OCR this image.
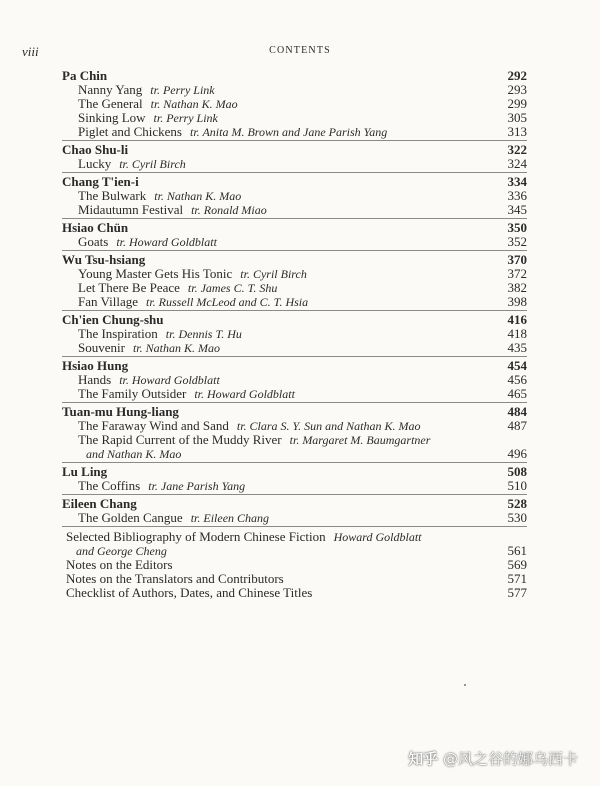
viii	CONTENTS
Pa Chin	292
Nanny Yang tr. Perry Link	293
The General tr. Nathan K. Mao	299
Sinking Low tr. Perry Link	305
Piglet and Chickens tr. Anita M. Brown and Jane Parish Yang	313
Chao Shu-li	322
Lucky tr. Cyril Birch	324
Chang T'ien-i	334
The Bulwark tr. Nathan K. Mao	336
Midautumn Festival tr. Ronald Miao	345
Hsiao Chün	350
Goats tr. Howard Goldblatt	352
Wu Tsu-hsiang	370
Young Master Gets His Tonic tr. Cyril Birch	372
Let There Be Peace tr. James C. T. Shu	382
Fan Village tr. Russell McLeod and C. T. Hsia	398
Ch'ien Chung-shu	416
The Inspiration tr. Dennis T. Hu	418
Souvenir tr. Nathan K. Mao	435
Hsiao Hung	454
Hands tr. Howard Goldblatt	456
The Family Outsider tr. Howard Goldblatt	465
Tuan-mu Hung-liang	484
The Faraway Wind and Sand tr. Clara S. Y. Sun and Nathan K. Mao	487
The Rapid Current of the Muddy River tr. Margaret M. Baumgartner
and Nathan K. Mao	496
Lu Ling	508
The Coffins tr. Jane Parish Yang	510
Eileen Chang	528
The Golden Cangue tr. Eileen Chang	530
Selected Bibliography of Modern Chinese Fiction Howard Goldblatt
and George Cheng	561
Notes on the Editors	569
Notes on the Translators and Contributors	571
Checklist of Authors, Dates, and Chinese Titles	577
知乎 @风之谷的娜乌西卡
